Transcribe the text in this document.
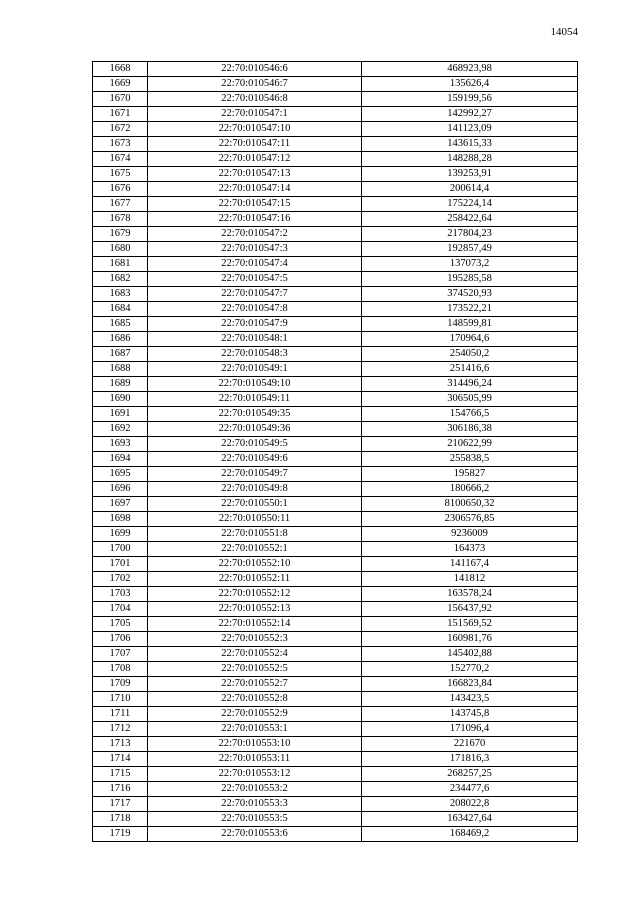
14054
1668	22:70:010546:6	468923,98
1669	22:70:010546:7	135626,4
1670	22:70:010546:8	159199,56
1671	22:70:010547:1	142992,27
1672	22:70:010547:10	141123,09
1673	22:70:010547:11	143615,33
1674	22:70:010547:12	148288,28
1675	22:70:010547:13	139253,91
1676	22:70:010547:14	200614,4
1677	22:70:010547:15	175224,14
1678	22:70:010547:16	258422,64
1679	22:70:010547:2	217804,23
1680	22:70:010547:3	192857,49
1681	22:70:010547:4	137073,2
1682	22:70:010547:5	195285,58
1683	22:70:010547:7	374520,93
1684	22:70:010547:8	173522,21
1685	22:70:010547:9	148599,81
1686	22:70:010548:1	170964,6
1687	22:70:010548:3	254050,2
1688	22:70:010549:1	251416,6
1689	22:70:010549:10	314496,24
1690	22:70:010549:11	306505,99
1691	22:70:010549:35	154766,5
1692	22:70:010549:36	306186,38
1693	22:70:010549:5	210622,99
1694	22:70:010549:6	255838,5
1695	22:70:010549:7	195827
1696	22:70:010549:8	180666,2
1697	22:70:010550:1	8100650,32
1698	22:70:010550:11	2306576,85
1699	22:70:010551:8	9236009
1700	22:70:010552:1	164373
1701	22:70:010552:10	141167,4
1702	22:70:010552:11	141812
1703	22:70:010552:12	163578,24
1704	22:70:010552:13	156437,92
1705	22:70:010552:14	151569,52
1706	22:70:010552:3	160981,76
1707	22:70:010552:4	145402,88
1708	22:70:010552:5	152770,2
1709	22:70:010552:7	166823,84
1710	22:70:010552:8	143423,5
1711	22:70:010552:9	143745,8
1712	22:70:010553:1	171096,4
1713	22:70:010553:10	221670
1714	22:70:010553:11	171816,3
1715	22:70:010553:12	268257,25
1716	22:70:010553:2	234477,6
1717	22:70:010553:3	208022,8
1718	22:70:010553:5	163427,64
1719	22:70:010553:6	168469,2
